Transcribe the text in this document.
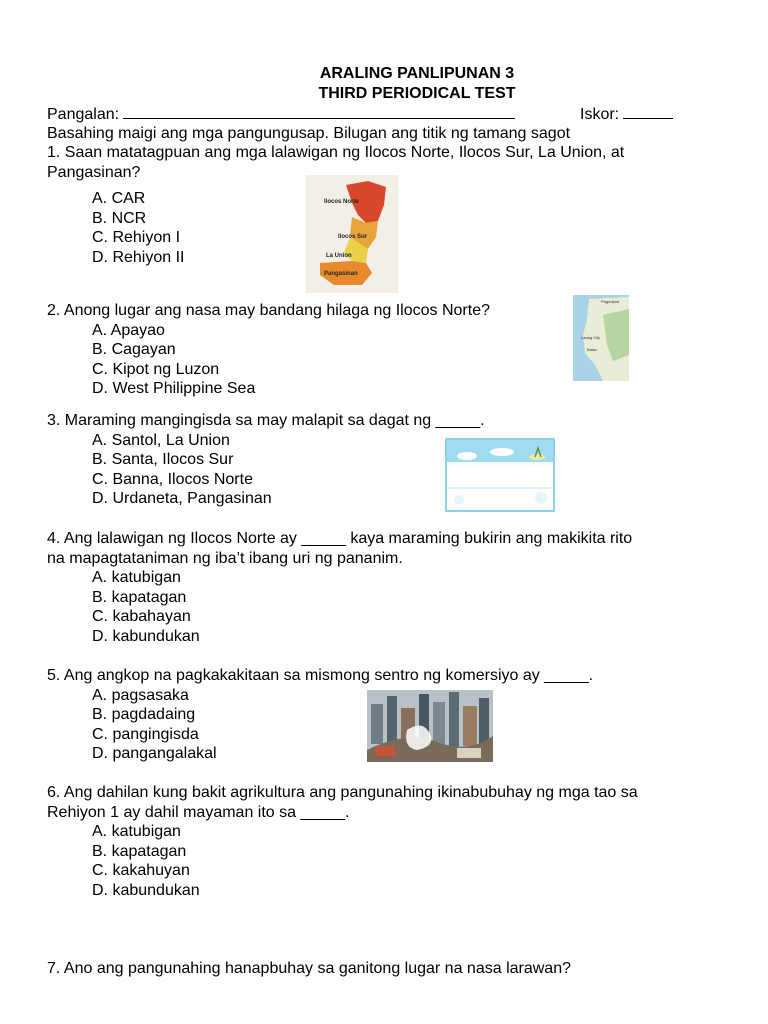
ARALING PANLIPUNAN 3
THIRD PERIODICAL TEST
Pangalan:	Iskor:
Basahing maigi ang mga pangungusap. Bilugan ang titik ng tamang sagot
1. Saan matatagpuan ang mga lalawigan ng Ilocos Norte, Ilocos Sur, La Union, at
Pangasinan?
A. CAR
B. NCR
C. Rehiyon I
D. Rehiyon II
Ilocos Norte
Ilocos Sur
La Union
Pangasinan
2. Anong lugar ang nasa may bandang hilaga ng Ilocos Norte?
A. Apayao
B. Cagayan
C. Kipot ng Luzon
D. West Philippine Sea
Pagudpud
Laoag City
Batac
3. Maraming mangingisda sa may malapit sa dagat ng _____.
A. Santol, La Union
B. Santa, Ilocos Sur
C. Banna, Ilocos Norte
D. Urdaneta, Pangasinan
4. Ang lalawigan ng Ilocos Norte ay _____ kaya maraming bukirin ang makikita rito
na mapagtataniman ng iba’t ibang uri ng pananim.
A. katubigan
B. kapatagan
C. kabahayan
D. kabundukan
5. Ang angkop na pagkakakitaan sa mismong sentro ng komersiyo ay _____.
A. pagsasaka
B. pagdadaing
C. pangingisda
D. pangangalakal
6. Ang dahilan kung bakit agrikultura ang pangunahing ikinabubuhay ng mga tao sa
Rehiyon 1 ay dahil mayaman ito sa _____.
A. katubigan
B. kapatagan
C. kakahuyan
D. kabundukan
7. Ano ang pangunahing hanapbuhay sa ganitong lugar na nasa larawan?
